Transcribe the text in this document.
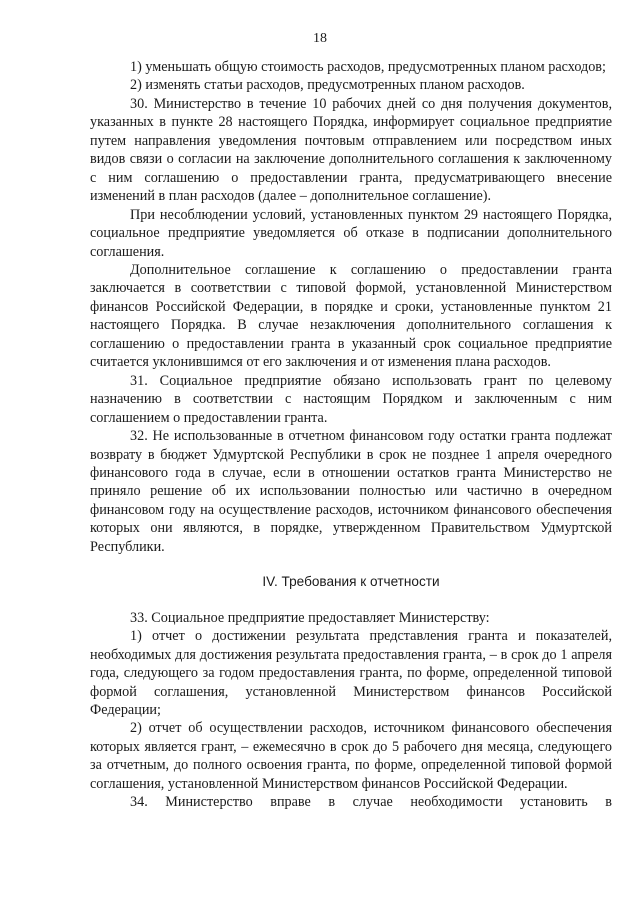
18

1) уменьшать общую стоимость расходов, предусмотренных планом расходов;

2) изменять статьи расходов, предусмотренных планом расходов.

30. Министерство в течение 10 рабочих дней со дня получения документов, указанных в пункте 28 настоящего Порядка, информирует социальное предприятие путем направления уведомления почтовым отправлением или посредством иных видов связи о согласии на заключение дополнительного соглашения к заключенному с ним соглашению о предоставлении гранта, предусматривающего внесение изменений в план расходов (далее – дополнительное соглашение).

При несоблюдении условий, установленных пунктом 29 настоящего Порядка, социальное предприятие уведомляется об отказе в подписании дополнительного соглашения.

Дополнительное соглашение к соглашению о предоставлении гранта заключается в соответствии с типовой формой, установленной Министерством финансов Российской Федерации, в порядке и сроки, установленные пунктом 21 настоящего Порядка. В случае незаключения дополнительного соглашения к соглашению о предоставлении гранта в указанный срок социальное предприятие считается уклонившимся от его заключения и от изменения плана расходов.

31. Социальное предприятие обязано использовать грант по целевому назначению в соответствии с настоящим Порядком и заключенным с ним соглашением о предоставлении гранта.

32. Не использованные в отчетном финансовом году остатки гранта подлежат возврату в бюджет Удмуртской Республики в срок не позднее 1 апреля очередного финансового года в случае, если в отношении остатков гранта Министерство не приняло решение об их использовании полностью или частично в очередном финансовом году на осуществление расходов, источником финансового обеспечения которых они являются, в порядке, утвержденном Правительством Удмуртской Республики.

IV. Требования к отчетности

33. Социальное предприятие предоставляет Министерству:

1) отчет о достижении результата представления гранта и показателей, необходимых для достижения результата предоставления гранта, – в срок до 1 апреля года, следующего за годом предоставления гранта, по форме, определенной типовой формой соглашения, установленной Министерством финансов Российской Федерации;

2) отчет об осуществлении расходов, источником финансового обеспечения которых является грант, – ежемесячно в срок до 5 рабочего дня месяца, следующего за отчетным, до полного освоения гранта, по форме, определенной типовой формой соглашения, установленной Министерством финансов Российской Федерации.

34. Министерство вправе в случае необходимости установить в
